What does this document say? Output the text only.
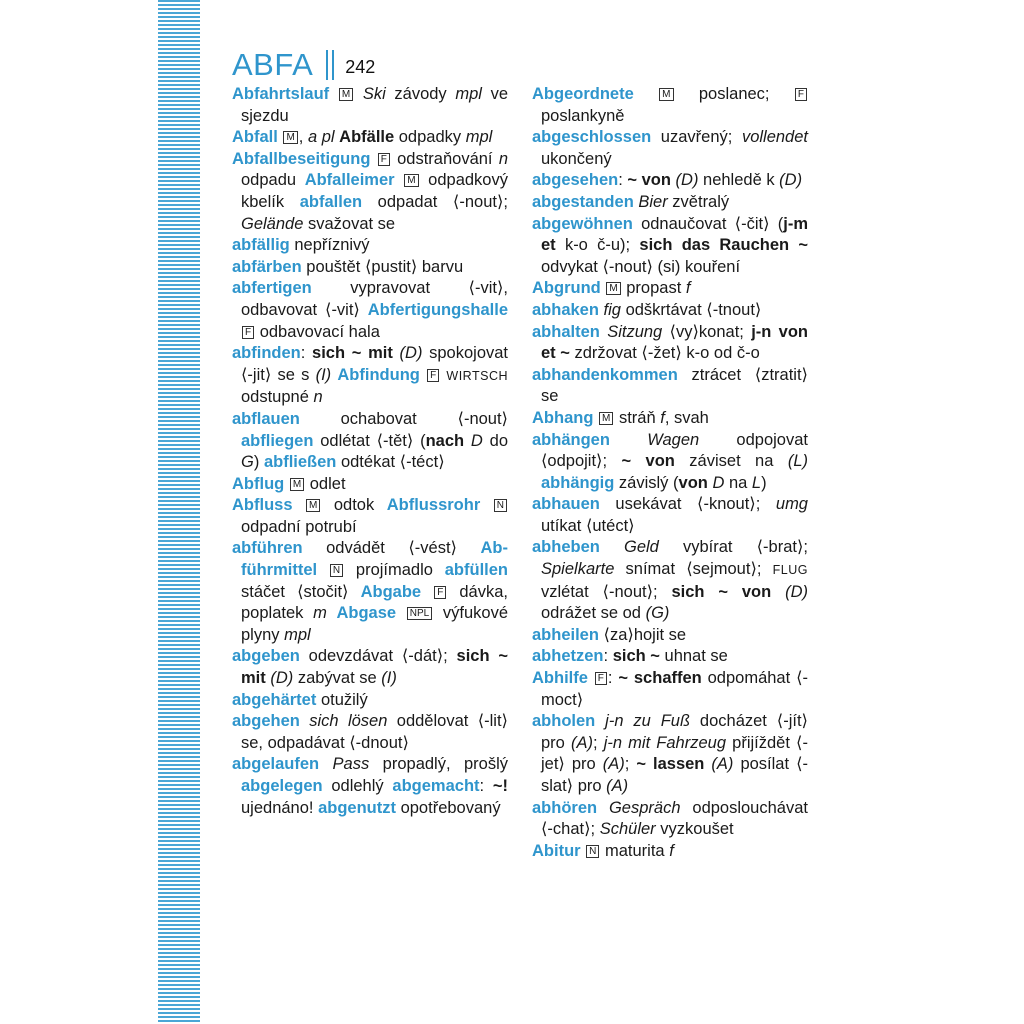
ABFA 242
Abfahrtslauf M Ski závody mpl ve sjezdu
Abfall M , a pl Abfälle odpadky mpl
Abfallbeseitigung F odstraňování n odpadu Abfalleimer M odpadkový kbelík abfallen odpadat ⟨-nout⟩; Gelände svažovat se
abfällig nepříznivý
abfärben pouštět ⟨pustit⟩ barvu
abfertigen vypravovat ⟨-vit⟩, odbavovat ⟨-vit⟩ Abfertigungshalle F odbavovací hala
abfinden: sich ~ mit (D) spokojovat ⟨-jit⟩ se s (I) Abfindung F WIRTSCH odstupné n
abflauen ochabovat ⟨-nout⟩ abfliegen odlétat ⟨-tět⟩ (nach D do G) abfließen odtékat ⟨-téct⟩
Abflug M odlet
Abfluss M odtok Abflussrohr N odpadní potrubí
abführen odvádět ⟨-vést⟩ Abführmittel N projímadlo abfüllen stáčet ⟨stočit⟩ Abgabe F dávka, poplatek m Abgase NPL výfukové plyny mpl
abgeben odevzdávat ⟨-dát⟩; sich ~ mit (D) zabývat se (I)
abgehärtet otužilý
abgehen sich lösen oddělovat ⟨-lit⟩ se, odpadávat ⟨-dnout⟩
abgelaufen Pass propadlý, prošlý abgelegen odlehlý abgemacht: ~! ujednáno! abgenutzt opotřebovaný
Abgeordnete	M poslanec; F poslankyně
abgeschlossen uzavřený; vollendet ukončený
abgesehen: ~ von (D) nehledě k (D)
abgestanden Bier zvětralý
abgewöhnen odnaučovat ⟨-čit⟩ (j-m et k-o č-u); sich das Rauchen ~ odvykat ⟨-nout⟩ (si) kouření
Abgrund M propast f
abhaken fig odškrtávat ⟨-tnout⟩
abhalten Sitzung ⟨vy⟩konat; j-n von et ~ zdržovat ⟨-žet⟩ k-o od č-o
abhandenkommen ztrácet ⟨ztratit⟩ se
Abhang M stráň f, svah
abhängen Wagen odpojovat ⟨odpojit⟩; ~ von záviset na (L) abhängig závislý (von D na L)
abhauen usekávat ⟨-knout⟩; umg utíkat ⟨utéct⟩
abheben Geld vybírat ⟨-brat⟩; Spielkarte snímat ⟨sejmout⟩; FLUG vzlétat ⟨-nout⟩; sich ~ von (D) odrážet se od (G)
abheilen ⟨za⟩hojit se
abhetzen: sich ~ uhnat se
Abhilfe F : ~ schaffen odpomáhat ⟨-moct⟩
abholen j-n zu Fuß docházet ⟨-jít⟩ pro (A); j-n mit Fahrzeug přijíždět ⟨-jet⟩ pro (A); ~ lassen (A) posílat ⟨-slat⟩ pro (A)
abhören Gespräch odposlouchávat ⟨-chat⟩; Schüler vyzkoušet
Abitur N maturita f
